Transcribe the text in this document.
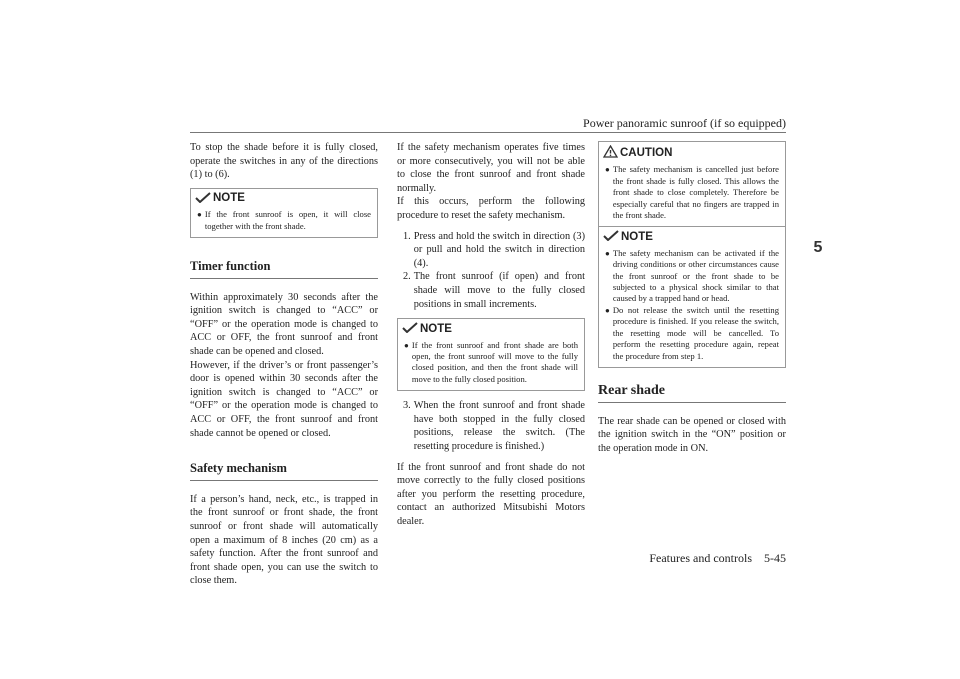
Power panoramic sunroof (if so equipped)
5
Features and controls 5-45

To stop the shade before it is fully closed, operate the switches in any of the directions (1) to (6).

NOTE
● If the front sunroof is open, it will close together with the front shade.
Timer function

Within approximately 30 seconds after the ignition switch is changed to “ACC” or “OFF” or the operation mode is changed to ACC or OFF, the front sunroof and front shade can be opened and closed.

However, if the driver’s or front passenger’s door is opened within 30 seconds after the ignition switch is changed to “ACC” or “OFF” or the operation mode is changed to ACC or OFF, the front sunroof and front shade cannot be opened or closed.

Safety mechanism

If a person’s hand, neck, etc., is trapped in the front sunroof or front shade, the front sunroof or front shade will automatically open a maximum of 8 inches (20 cm) as a safety function. After the front sunroof and front shade open, you can use the switch to close them.

If the safety mechanism operates five times or more consecutively, you will not be able to close the front sunroof and front shade normally.

If this occurs, perform the following procedure to reset the safety mechanism.

1. Press and hold the switch in direction (3) or pull and hold the switch in direction (4).
2. The front sunroof (if open) and front shade will move to the fully closed positions in small increments.
NOTE
● If the front sunroof and front shade are both open, the front sunroof will move to the fully closed position, and then the front shade will move to the fully closed position.
3. When the front sunroof and front shade have both stopped in the fully closed positions, release the switch. (The resetting procedure is finished.)

If the front sunroof and front shade do not move correctly to the fully closed positions after you perform the resetting procedure, contact an authorized Mitsubishi Motors dealer.

CAUTION
● The safety mechanism is cancelled just before the front shade is fully closed. This allows the front shade to close completely. Therefore be especially careful that no fingers are trapped in the front shade.
NOTE
● The safety mechanism can be activated if the driving conditions or other circumstances cause the front sunroof or the front shade to be subjected to a physical shock similar to that caused by a trapped hand or head.
● Do not release the switch until the resetting procedure is finished. If you release the switch, the resetting mode will be cancelled. To perform the resetting procedure again, repeat the procedure from step 1.
Rear shade

The rear shade can be opened or closed with the ignition switch in the “ON” position or the operation mode in ON.
